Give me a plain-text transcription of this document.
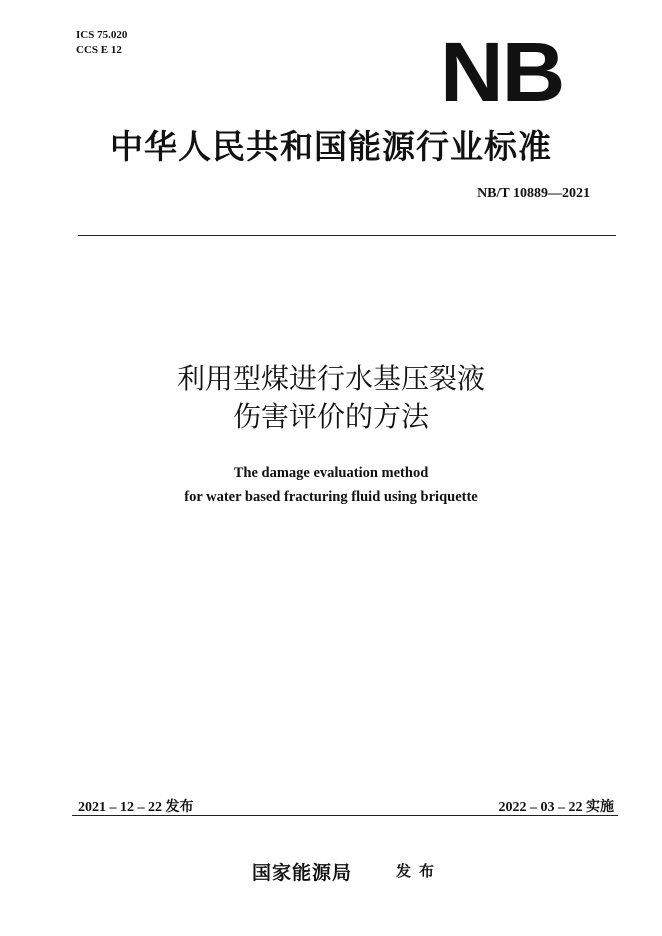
ICS 75.020
CCS E 12	NB
中华人民共和国能源行业标准
NB/T 10889—2021
利用型煤进行水基压裂液
伤害评价的方法
The damage evaluation method
for water based fracturing fluid using briquette
2021 – 12 – 22 发布	2022 – 03 – 22 实施
国家能源局	发布
